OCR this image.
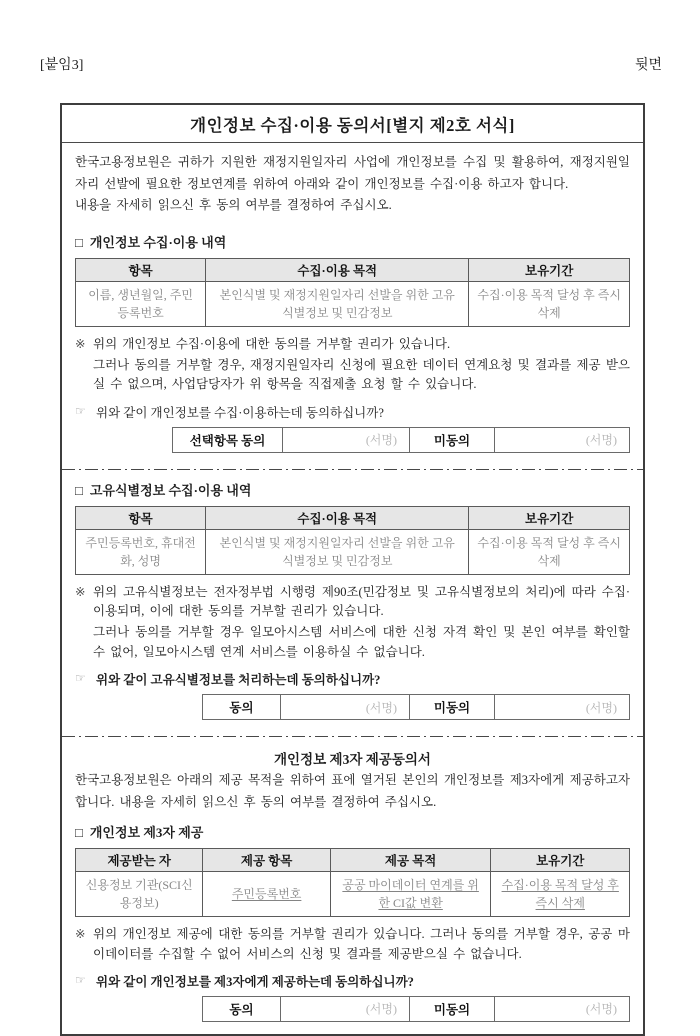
[붙임3]	뒷면
개인정보 수집·이용 동의서[별지 제2호 서식]

한국고용정보원은 귀하가 지원한 재정지원일자리 사업에 개인정보를 수집 및 활용하여, 재정지원일자리 선발에 필요한 정보연계를 위하여 아래와 같이 개인정보를 수집·이용 하고자 합니다.

내용을 자세히 읽으신 후 동의 여부를 결정하여 주십시오.

□ 개인정보 수집·이용 내역
항목	수집·이용 목적	보유기간
이름, 생년월일, 주민등록번호	본인식별 및 재정지원일자리 선발을 위한 고유식별정보 및 민감정보	수집·이용 목적 달성 후 즉시 삭제
※ 위의 개인정보 수집·이용에 대한 동의를 거부할 권리가 있습니다.
그러나 동의를 거부할 경우, 재정지원일자리 신청에 필요한 데이터 연계요청 및 결과를 제공 받으실 수 없으며, 사업담당자가 위 항목을 직접제출 요청 할 수 있습니다.
☞ 위와 같이 개인정보를 수집·이용하는데 동의하십니까?
선택항목 동의	(서명)	미동의	(서명)
□ 고유식별정보 수집·이용 내역
항목	수집·이용 목적	보유기간
주민등록번호, 휴대전화, 성명	본인식별 및 재정지원일자리 선발을 위한 고유식별정보 및 민감정보	수집·이용 목적 달성 후 즉시 삭제
※ 위의 고유식별정보는 전자정부법 시행령 제90조(민감정보 및 고유식별정보의 처리)에 따라 수집·이용되며, 이에 대한 동의를 거부할 권리가 있습니다.
그러나 동의를 거부할 경우 일모아시스템 서비스에 대한 신청 자격 확인 및 본인 여부를 확인할 수 없어, 일모아시스템 연계 서비스를 이용하실 수 없습니다.
☞ 위와 같이 고유식별정보를 처리하는데 동의하십니까?
동의	(서명)	미동의	(서명)
개인정보 제3자 제공동의서

한국고용정보원은 아래의 제공 목적을 위하여 표에 열거된 본인의 개인정보를 제3자에게 제공하고자 합니다. 내용을 자세히 읽으신 후 동의 여부를 결정하여 주십시오.

□ 개인정보 제3자 제공
제공받는 자	제공 항목	제공 목적	보유기간
신용정보 기관(SCI신용정보)	주민등록번호	공공 마이데이터 연계를 위한 CI값 변환	수집·이용 목적 달성 후 즉시 삭제
※ 위의 개인정보 제공에 대한 동의를 거부할 권리가 있습니다. 그러나 동의를 거부할 경우, 공공 마이데이터를 수집할 수 없어 서비스의 신청 및 결과를 제공받으실 수 없습니다.
☞ 위와 같이 개인정보를 제3자에게 제공하는데 동의하십니까?
동의	(서명)	미동의	(서명)
